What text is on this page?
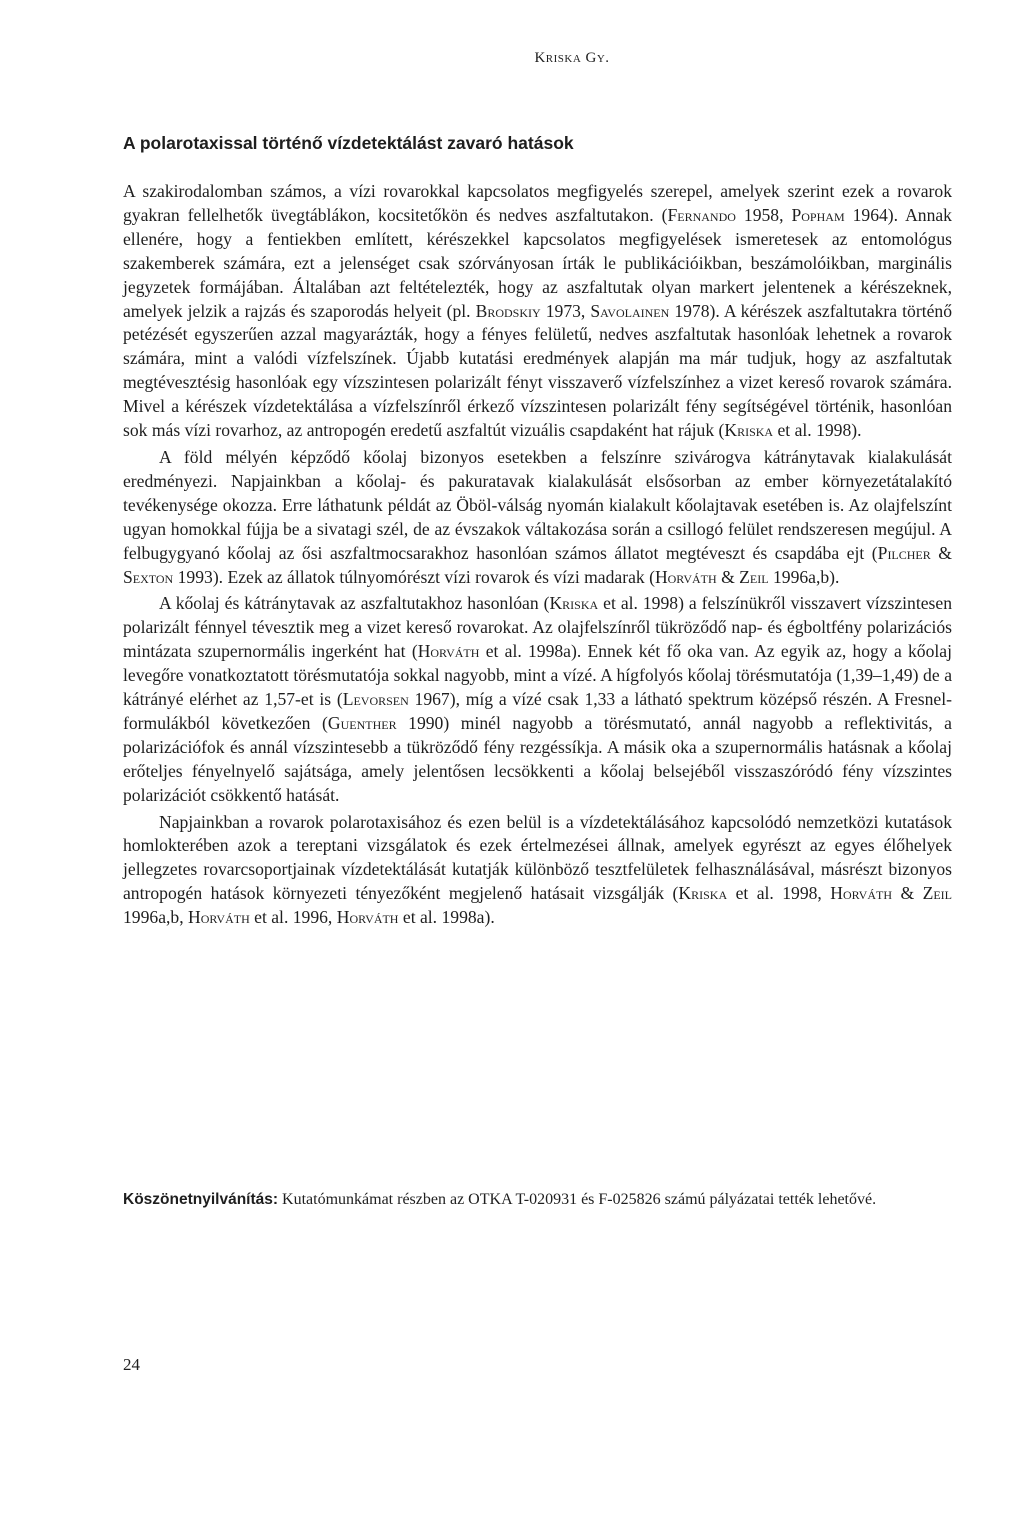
Kriska Gy.
A polarotaxissal történő vízdetektálást zavaró hatások

A szakirodalomban számos, a vízi rovarokkal kapcsolatos megfigyelés szerepel, amelyek szerint ezek a rovarok gyakran fellelhetők üvegtáblákon, kocsitetőkön és nedves aszfaltutakon. (Fernando 1958, Popham 1964). Annak ellenére, hogy a fentiekben említett, kérészekkel kapcsolatos megfigyelések ismeretesek az entomológus szakemberek számára, ezt a jelenséget csak szórványosan írták le publikációikban, beszámolóikban, marginális jegyzetek formájában. Általában azt feltételezték, hogy az aszfaltutak olyan markert jelentenek a kérészeknek, amelyek jelzik a rajzás és szaporodás helyeit (pl. Brodskiy 1973, Savolainen 1978). A kérészek aszfaltutakra történő petézését egyszerűen azzal magyarázták, hogy a fényes felületű, nedves aszfaltutak hasonlóak lehetnek a rovarok számára, mint a valódi vízfelszínek. Újabb kutatási eredmények alapján ma már tudjuk, hogy az aszfaltutak megtévesztésig hasonlóak egy vízszintesen polarizált fényt visszaverő vízfelszínhez a vizet kereső rovarok számára. Mivel a kérészek vízdetektálása a vízfelszínről érkező vízszintesen polarizált fény segítségével történik, hasonlóan sok más vízi rovarhoz, az antropogén eredetű aszfaltút vizuális csapdaként hat rájuk (Kriska et al. 1998).

A föld mélyén képződő kőolaj bizonyos esetekben a felszínre szivárogva kátránytavak kialakulását eredményezi. Napjainkban a kőolaj- és pakuratavak kialakulását elsősorban az ember környezetátalakító tevékenysége okozza. Erre láthatunk példát az Öböl-válság nyomán kialakult kőolajtavak esetében is. Az olajfelszínt ugyan homokkal fújja be a sivatagi szél, de az évszakok váltakozása során a csillogó felület rendszeresen megújul. A felbugygyanó kőolaj az ősi aszfaltmocsarakhoz hasonlóan számos állatot megtéveszt és csapdába ejt (Pilcher & Sexton 1993). Ezek az állatok túlnyomórészt vízi rovarok és vízi madarak (Horváth & Zeil 1996a,b).

A kőolaj és kátránytavak az aszfaltutakhoz hasonlóan (Kriska et al. 1998) a felszínükről visszavert vízszintesen polarizált fénnyel tévesztik meg a vizet kereső rovarokat. Az olajfelszínről tükröződő nap- és égboltfény polarizációs mintázata szupernormális ingerként hat (Horváth et al. 1998a). Ennek két fő oka van. Az egyik az, hogy a kőolaj levegőre vonatkoztatott törésmutatója sokkal nagyobb, mint a vízé. A hígfolyós kőolaj törésmutatója (1,39–1,49) de a kátrányé elérhet az 1,57-et is (Levorsen 1967), míg a vízé csak 1,33 a látható spektrum középső részén. A Fresnel-formulákból következően (Guenther 1990) minél nagyobb a törésmutató, annál nagyobb a reflektivitás, a polarizációfok és annál vízszintesebb a tükröződő fény rezgéssíkja. A másik oka a szupernormális hatásnak a kőolaj erőteljes fényelnyelő sajátsága, amely jelentősen lecsökkenti a kőolaj belsejéből visszaszóródó fény vízszintes polarizációt csökkentő hatását.

Napjainkban a rovarok polarotaxisához és ezen belül is a vízdetektálásához kapcsolódó nemzetközi kutatások homlokterében azok a tereptani vizsgálatok és ezek értelmezései állnak, amelyek egyrészt az egyes élőhelyek jellegzetes rovarcsoportjainak vízdetektálását kutatják különböző tesztfelületek felhasználásával, másrészt bizonyos antropogén hatások környezeti tényezőként megjelenő hatásait vizsgálják (Kriska et al. 1998, Horváth & Zeil 1996a,b, Horváth et al. 1996, Horváth et al. 1998a).

Köszönetnyilvánítás: Kutatómunkámat részben az OTKA T-020931 és F-025826 számú pályázatai tették lehetővé.

24
